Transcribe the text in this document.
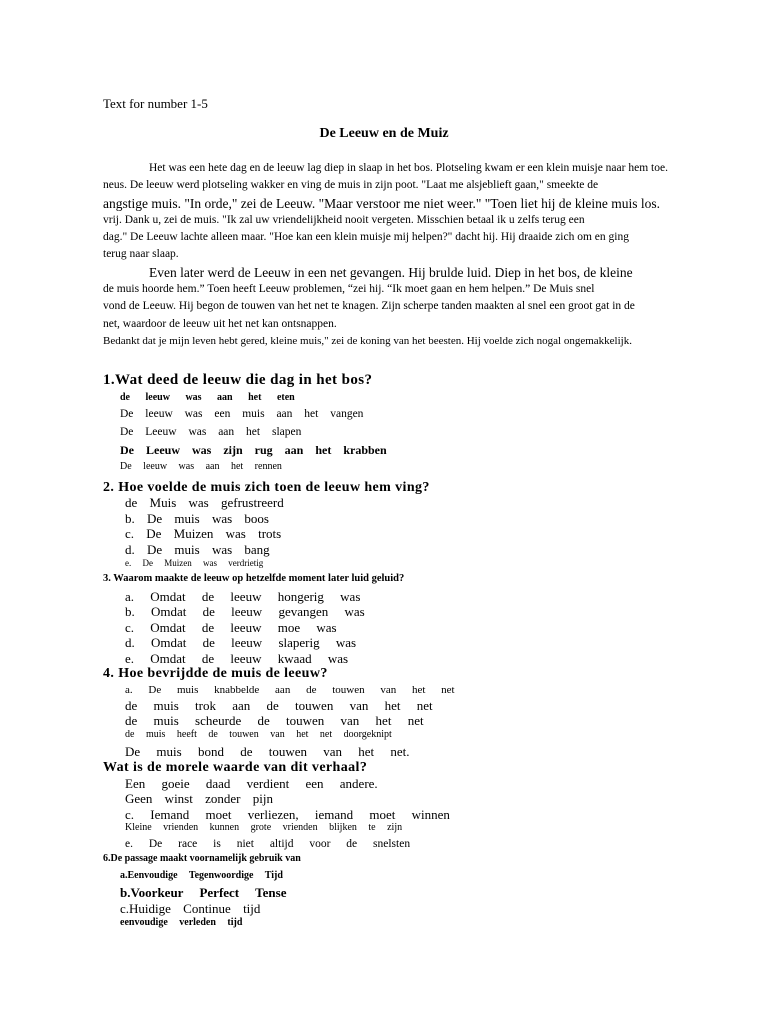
Text for number 1-5
De Leeuw en de Muiz
Het was een hete dag en de leeuw lag diep in slaap in het bos. Plotseling kwam er een klein muisje naar hem toe.
neus. De leeuw werd plotseling wakker en ving de muis in zijn poot. "Laat me alsjeblieft gaan," smeekte de
angstige muis. "In orde," zei de Leeuw. "Maar verstoor me niet weer." "Toen liet hij de kleine muis los.
vrij. Dank u, zei de muis. "Ik zal uw vriendelijkheid nooit vergeten. Misschien betaal ik u zelfs terug een
dag." De Leeuw lachte alleen maar. "Hoe kan een klein muisje mij helpen?" dacht hij. Hij draaide zich om en ging
terug naar slaap.
Even later werd de Leeuw in een net gevangen. Hij brulde luid. Diep in het bos, de kleine
de muis hoorde hem.” Toen heeft Leeuw problemen, “zei hij. “Ik moet gaan en hem helpen.” De Muis snel
vond de Leeuw. Hij begon de touwen van het net te knagen. Zijn scherpe tanden maakten al snel een groot gat in de
net, waardoor de leeuw uit het net kan ontsnappen.
Bedankt dat je mijn leven hebt gered, kleine muis," zei de koning van het beesten. Hij voelde zich nogal ongemakkelijk.
1.Wat deed de leeuw die dag in het bos?
de leeuw was aan het eten
De leeuw was een muis aan het vangen
De Leeuw was aan het slapen
De Leeuw was zijn rug aan het krabben
De leeuw was aan het rennen
2. Hoe voelde de muis zich toen de leeuw hem ving?
de Muis was gefrustreerd
b. De muis was boos
c. De Muizen was trots
d. De muis was bang
e. De Muizen was verdrietig
3. Waarom maakte de leeuw op hetzelfde moment later luid geluid?
a. Omdat de leeuw hongerig was
b. Omdat de leeuw gevangen was
c. Omdat de leeuw moe was
d. Omdat de leeuw slaperig was
e. Omdat de leeuw kwaad was
4. Hoe bevrijdde de muis de leeuw?
a. De muis knabbelde aan de touwen van het net
de muis trok aan de touwen van het net
de muis scheurde de touwen van het net
de muis heeft de touwen van het net doorgeknipt
De muis bond de touwen van het net.
Wat is de morele waarde van dit verhaal?
Een goeie daad verdient een andere.
Geen winst zonder pijn
c. Iemand moet verliezen, iemand moet winnen
Kleine vrienden kunnen grote vrienden blijken te zijn
e. De race is niet altijd voor de snelsten
6.De passage maakt voornamelijk gebruik van
a.Eenvoudige Tegenwoordige Tijd
b.Voorkeur Perfect Tense
c.Huidige Continue tijd
eenvoudige verleden tijd
